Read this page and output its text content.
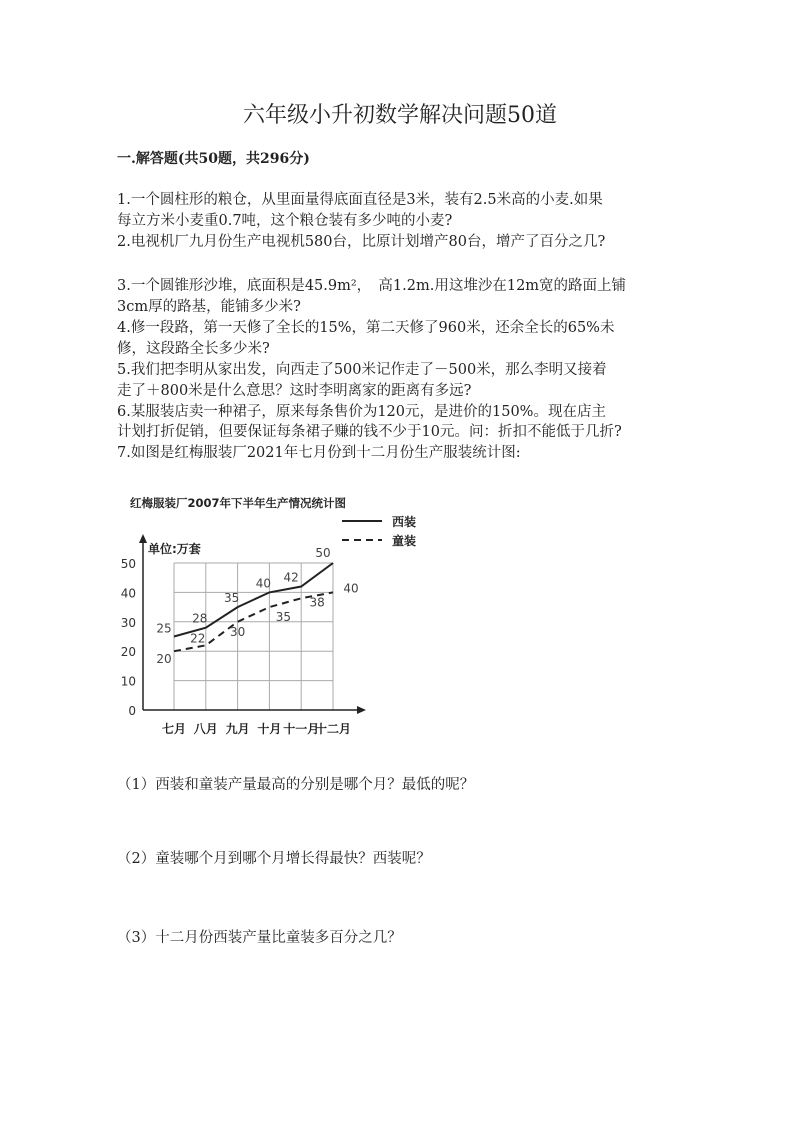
六年级小升初数学解决问题50道
一.解答题(共50题，共296分)
1.一个圆柱形的粮仓，从里面量得底面直径是3米，装有2.5米高的小麦.如果
每立方米小麦重0.7吨，这个粮仓装有多少吨的小麦?
2.电视机厂九月份生产电视机580台，比原计划增产80台，增产了百分之几?
3.一个圆锥形沙堆，底面积是45.9m²，　高1.2m.用这堆沙在12m宽的路面上铺
3cm厚的路基，能铺多少米?
4.修一段路，第一天修了全长的15%，第二天修了960米，还余全长的65%未
修，这段路全长多少米?
5.我们把李明从家出发，向西走了500米记作走了－500米，那么李明又接着
走了＋800米是什么意思？这时李明离家的距离有多远?
6.某服装店卖一种裙子，原来每条售价为120元，是进价的150%。现在店主
计划打折促销，但要保证每条裙子赚的钱不少于10元。问：折扣不能低于几折?
7.如图是红梅服装厂2021年七月份到十二月份生产服装统计图:
0
10
20
30
40
50
七月 八月 九月 十月 十一月
十二月
红梅服装厂2007年下半年生产情况统计图
单位:万套
25
28
35
40 42
50
西装
20
22 30
35
38
40
童装
（1）西装和童装产量最高的分别是哪个月？最低的呢？
（2）童装哪个月到哪个月增长得最快？西装呢？
（3）十二月份西装产量比童装多百分之几？
